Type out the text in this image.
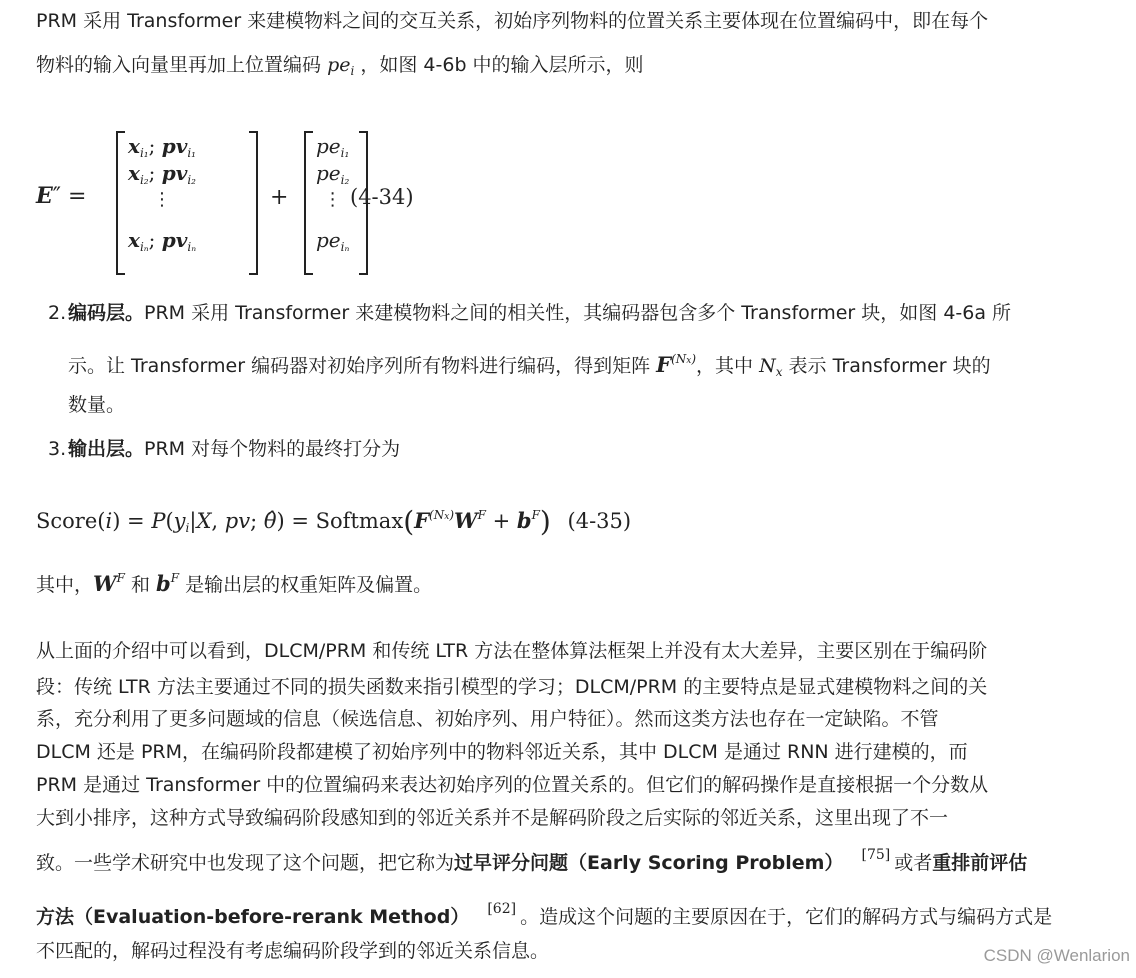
PRM 采用 Transformer 来建模物料之间的交互关系，初始序列物料的位置关系主要体现在位置编码中，即在每个
物料的输入向量里再加上位置编码 $pe_i$ ，如图 4-6b 中的输入层所示，则
E″ =
$x_{i_1}$; $pv_{i_1}$
$x_{i_2}$; $pv_{i_2}$
⋮
$x_{i_n}$; $pv_{i_n}$
+
$pe_{i_1}$
$pe_{i_2}$
⋮
$pe_{i_n}$
(4-34)
2. 编码层。PRM 采用 Transformer 来建模物料之间的相关性，其编码器包含多个 Transformer 块，如图 4-6a 所
示。让 Transformer 编码器对初始序列所有物料进行编码，得到矩阵 $F^{(Nx)}$，其中 $N_x$ 表示 Transformer 块的
数量。
3. 输出层。PRM 对每个物料的最终打分为
Score(i) = $P(y_i|X$, pv; θ̂) = $Softmax(F^{(Nx)}W^F + b^F)$ (4-35)
其中，$W^F$ 和 $b^F$ 是输出层的权重矩阵及偏置。
从上面的介绍中可以看到，DLCM/PRM 和传统 LTR 方法在整体算法框架上并没有太大差异，主要区别在于编码阶
段：传统 LTR 方法主要通过不同的损失函数来指引模型的学习；DLCM/PRM 的主要特点是显式建模物料之间的关
系，充分利用了更多问题域的信息（候选信息、初始序列、用户特征）。然而这类方法也存在一定缺陷。不管
DLCM 还是 PRM，在编码阶段都建模了初始序列中的物料邻近关系，其中 DLCM 是通过 RNN 进行建模的，而
PRM 是通过 Transformer 中的位置编码来表达初始序列的位置关系的。但它们的解码操作是直接根据一个分数从
大到小排序，这种方式导致编码阶段感知到的邻近关系并不是解码阶段之后实际的邻近关系，这里出现了不一
致。一些学术研究中也发现了这个问题，把它称为过早评分问题（Early Scoring Problem） [75] 或者重排前评估
方法（Evaluation-before-rerank Method） [62] 。造成这个问题的主要原因在于，它们的解码方式与编码方式是
不匹配的，解码过程没有考虑编码阶段学到的邻近关系信息。	CSDN @Wenlarion
